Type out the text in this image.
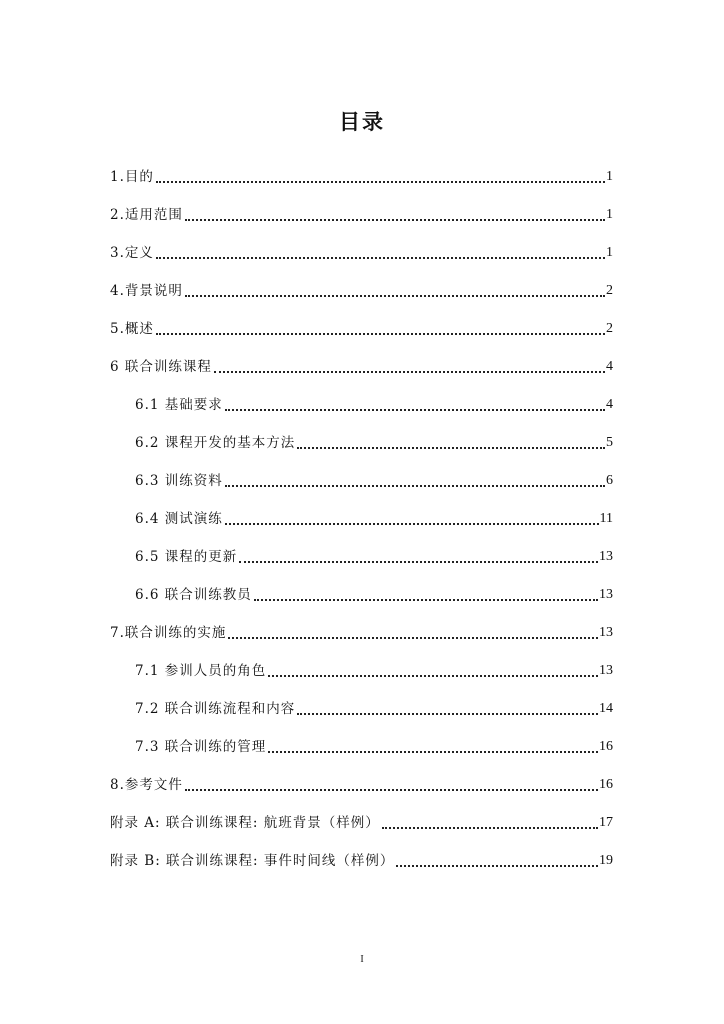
目录
1.目的	1
2.适用范围	1
3.定义	1
4.背景说明	2
5.概述	2
6 联合训练课程	4
6.1 基础要求	4
6.2 课程开发的基本方法	5
6.3 训练资料	6
6.4 测试演练	11
6.5 课程的更新	13
6.6 联合训练教员	13
7.联合训练的实施	13
7.1 参训人员的角色	13
7.2 联合训练流程和内容	14
7.3 联合训练的管理	16
8.参考文件	16
附录 A: 联合训练课程: 航班背景（样例）	17
附录 B: 联合训练课程: 事件时间线（样例）	19
I
